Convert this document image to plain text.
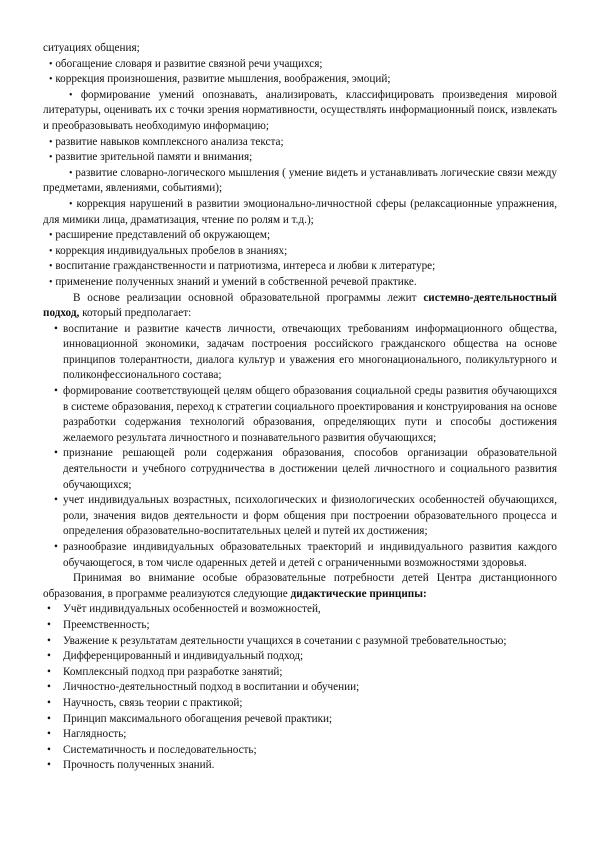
ситуациях общения;

• обогащение словаря и развитие связной речи учащихся;

• коррекция произношения, развитие мышления, воображения, эмоций;

• формирование умений опознавать, анализировать, классифицировать произведения мировой литературы, оценивать их с точки зрения нормативности, осуществлять информационный поиск, извлекать и преобразовывать необходимую информацию;

• развитие навыков комплексного анализа текста;

• развитие зрительной памяти и внимания;

• развитие словарно-логического мышления ( умение видеть и устанавливать логические связи между предметами, явлениями, событиями);

• коррекция нарушений в развитии эмоционально-личностной сферы (релаксационные упражнения, для мимики лица, драматизация, чтение по ролям и т.д.);

• расширение представлений об окружающем;

• коррекция индивидуальных пробелов в знаниях;

• воспитание гражданственности и патриотизма, интереса и любви к литературе;

• применение полученных знаний и умений в собственной речевой практике.

В основе реализации основной образовательной программы лежит системно-деятельностный подход, который предполагает:

• воспитание и развитие качеств личности, отвечающих требованиям информационного общества, инновационной экономики, задачам построения российского гражданского общества на основе принципов толерантности, диалога культур и уважения его многонационального, поликультурного и поликонфессионального состава;
• формирование соответствующей целям общего образования социальной среды развития обучающихся в системе образования, переход к стратегии социального проектирования и конструирования на основе разработки содержания технологий образования, определяющих пути и способы достижения желаемого результата личностного и познавательного развития обучающихся;
• признание решающей роли содержания образования, способов организации образовательной деятельности и учебного сотрудничества в достижении целей личностного и социального развития обучающихся;
• учет индивидуальных возрастных, психологических и физиологических особенностей обучающихся, роли, значения видов деятельности и форм общения при построении образовательного процесса и определения образовательно-воспитательных целей и путей их достижения;
• разнообразие индивидуальных образовательных траекторий и индивидуального развития каждого обучающегося, в том числе одаренных детей и детей с ограниченными возможностями здоровья.

Принимая во внимание особые образовательные потребности детей Центра дистанционного образования, в программе реализуются следующие дидактические принципы:

• Учёт индивидуальных особенностей и возможностей,
• Преемственность;
• Уважение к результатам деятельности учащихся в сочетании с разумной требовательностью;
• Дифференцированный и индивидуальный подход;
• Комплексный подход при разработке занятий;
• Личностно-деятельностный подход в воспитании и обучении;
• Научность, связь теории с практикой;
• Принцип максимального обогащения речевой практики;
• Наглядность;
• Систематичность и последовательность;
• Прочность полученных знаний.
